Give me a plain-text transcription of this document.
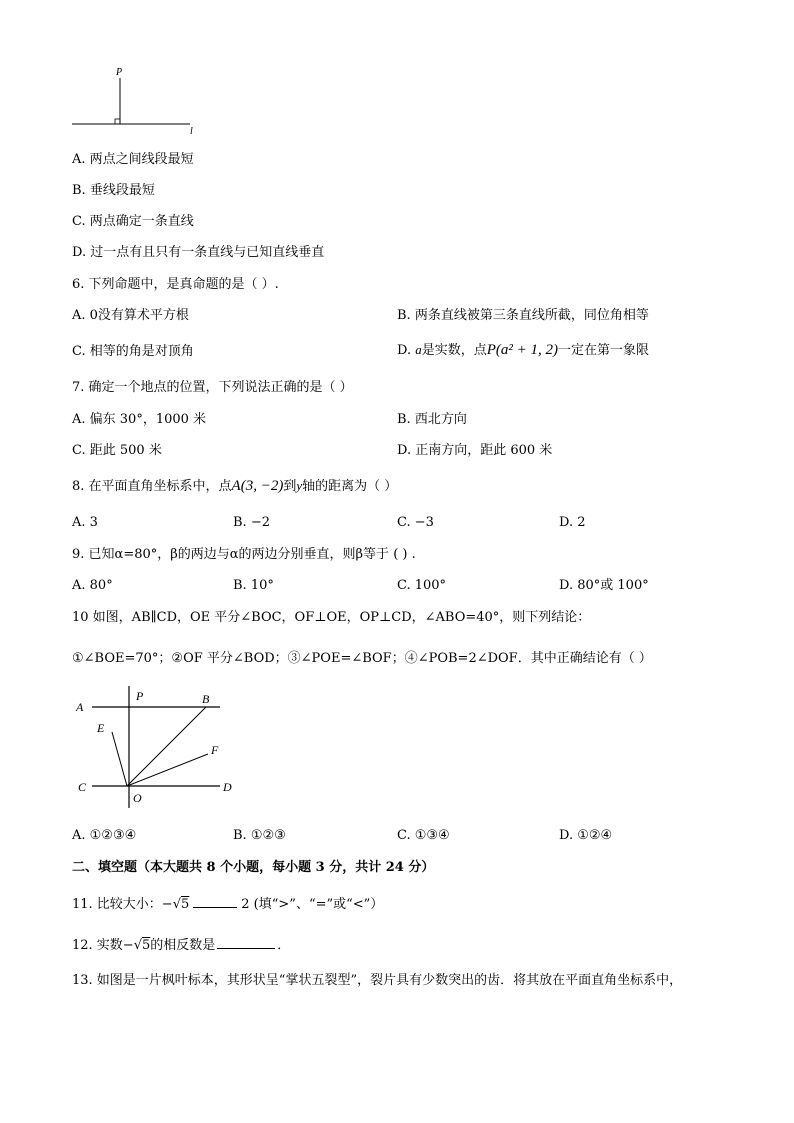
P
l
A. 两点之间线段最短
B. 垂线段最短
C. 两点确定一条直线
D. 过一点有且只有一条直线与已知直线垂直
6. 下列命题中，是真命题的是（ ）.
A. 0没有算术平方根	B. 两条直线被第三条直线所截，同位角相等
C. 相等的角是对顶角	D. a是实数，点P(a² + 1, 2)一定在第一象限
7. 确定一个地点的位置，下列说法正确的是（ ）
A. 偏东 30°，1000 米	B. 西北方向
C. 距此 500 米	D. 正南方向，距此 600 米
8. 在平面直角坐标系中，点A(3, −2)到y轴的距离为（ ）
A. 3	B. −2	C. −3	D. 2
9. 已知α=80°，β的两边与α的两边分别垂直，则β等于 ( ) .
A. 80°	B. 10°	C. 100°	D. 80°或 100°
10 如图，AB∥CD，OE 平分∠BOC，OF⊥OE，OP⊥CD，∠ABO=40°，则下列结论：
①∠BOE=70°；②OF 平分∠BOD；③∠POE=∠BOF；④∠POB=2∠DOF．其中正确结论有（ ）
A
P	B
E
F
C	D
O
A. ①②③④	B. ①②③	C. ①③④	D. ①②④
二、填空题（本大题共 8 个小题，每小题 3 分，共计 24 分）
11. 比较大小：−√5	2 (填“>”、“=”或“<”）
12. 实数−√5的相反数是	．
13. 如图是一片枫叶标本，其形状呈“掌状五裂型”，裂片具有少数突出的齿．将其放在平面直角坐标系中，
